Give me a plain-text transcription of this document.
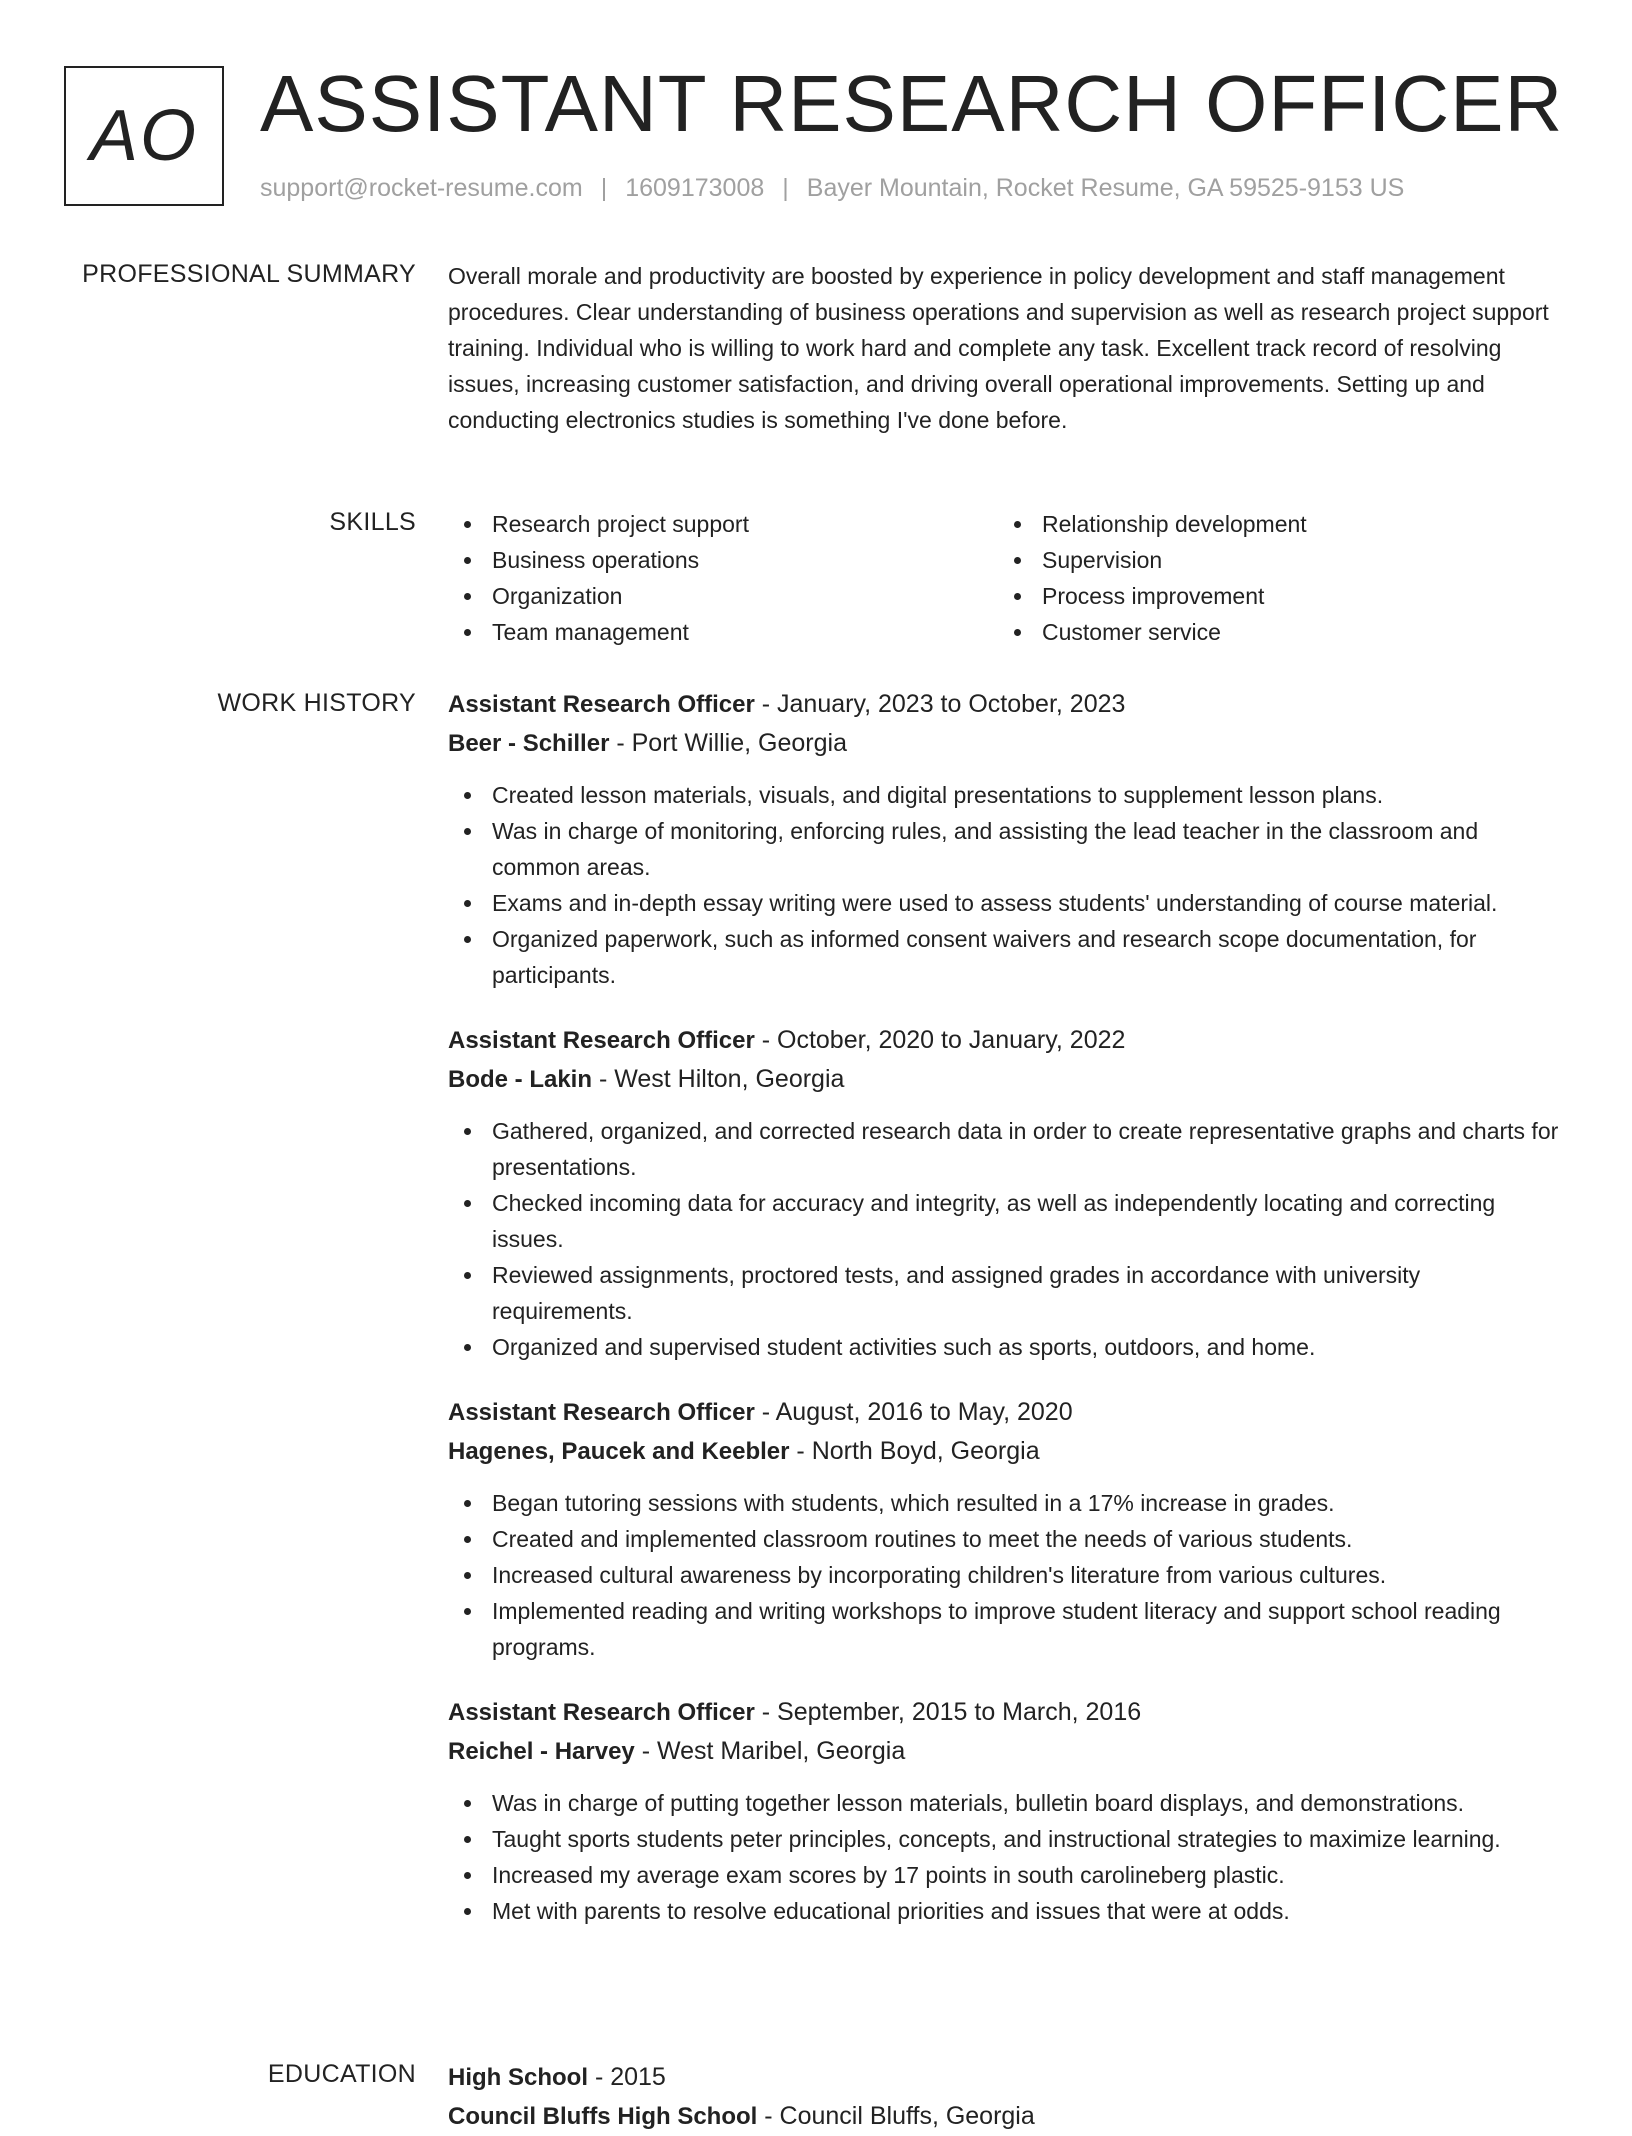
AO ASSISTANT RESEARCH OFFICER
support@rocket-resume.com | 1609173008 | Bayer Mountain, Rocket Resume, GA 59525-9153 US
PROFESSIONAL SUMMARY Overall morale and productivity are boosted by experience in policy development and staff management procedures. Clear understanding of business operations and supervision as well as research project support training. Individual who is willing to work hard and complete any task. Excellent track record of resolving issues, increasing customer satisfaction, and driving overall operational improvements. Setting up and conducting electronics studies is something I've done before.

SKILLS	Research project support	Relationship development
Business operations	Supervision
Organization	Process improvement
Team management	Customer service
WORK HISTORY Assistant Research Officer - January, 2023 to October, 2023
Beer - Schiller - Port Willie, Georgia
Created lesson materials, visuals, and digital presentations to supplement lesson plans.
Was in charge of monitoring, enforcing rules, and assisting the lead teacher in the classroom and common areas.
Exams and in-depth essay writing were used to assess students' understanding of course material.
Organized paperwork, such as informed consent waivers and research scope documentation, for participants.
Assistant Research Officer - October, 2020 to January, 2022
Bode - Lakin - West Hilton, Georgia
Gathered, organized, and corrected research data in order to create representative graphs and charts for presentations.
Checked incoming data for accuracy and integrity, as well as independently locating and correcting issues.
Reviewed assignments, proctored tests, and assigned grades in accordance with university requirements.
Organized and supervised student activities such as sports, outdoors, and home.
Assistant Research Officer - August, 2016 to May, 2020
Hagenes, Paucek and Keebler - North Boyd, Georgia
Began tutoring sessions with students, which resulted in a 17% increase in grades.
Created and implemented classroom routines to meet the needs of various students.
Increased cultural awareness by incorporating children's literature from various cultures.
Implemented reading and writing workshops to improve student literacy and support school reading programs.
Assistant Research Officer - September, 2015 to March, 2016
Reichel - Harvey - West Maribel, Georgia
Was in charge of putting together lesson materials, bulletin board displays, and demonstrations.
Taught sports students peter principles, concepts, and instructional strategies to maximize learning.
Increased my average exam scores by 17 points in south carolineberg plastic.
Met with parents to resolve educational priorities and issues that were at odds.
EDUCATION High School - 2015
Council Bluffs High School - Council Bluffs, Georgia
